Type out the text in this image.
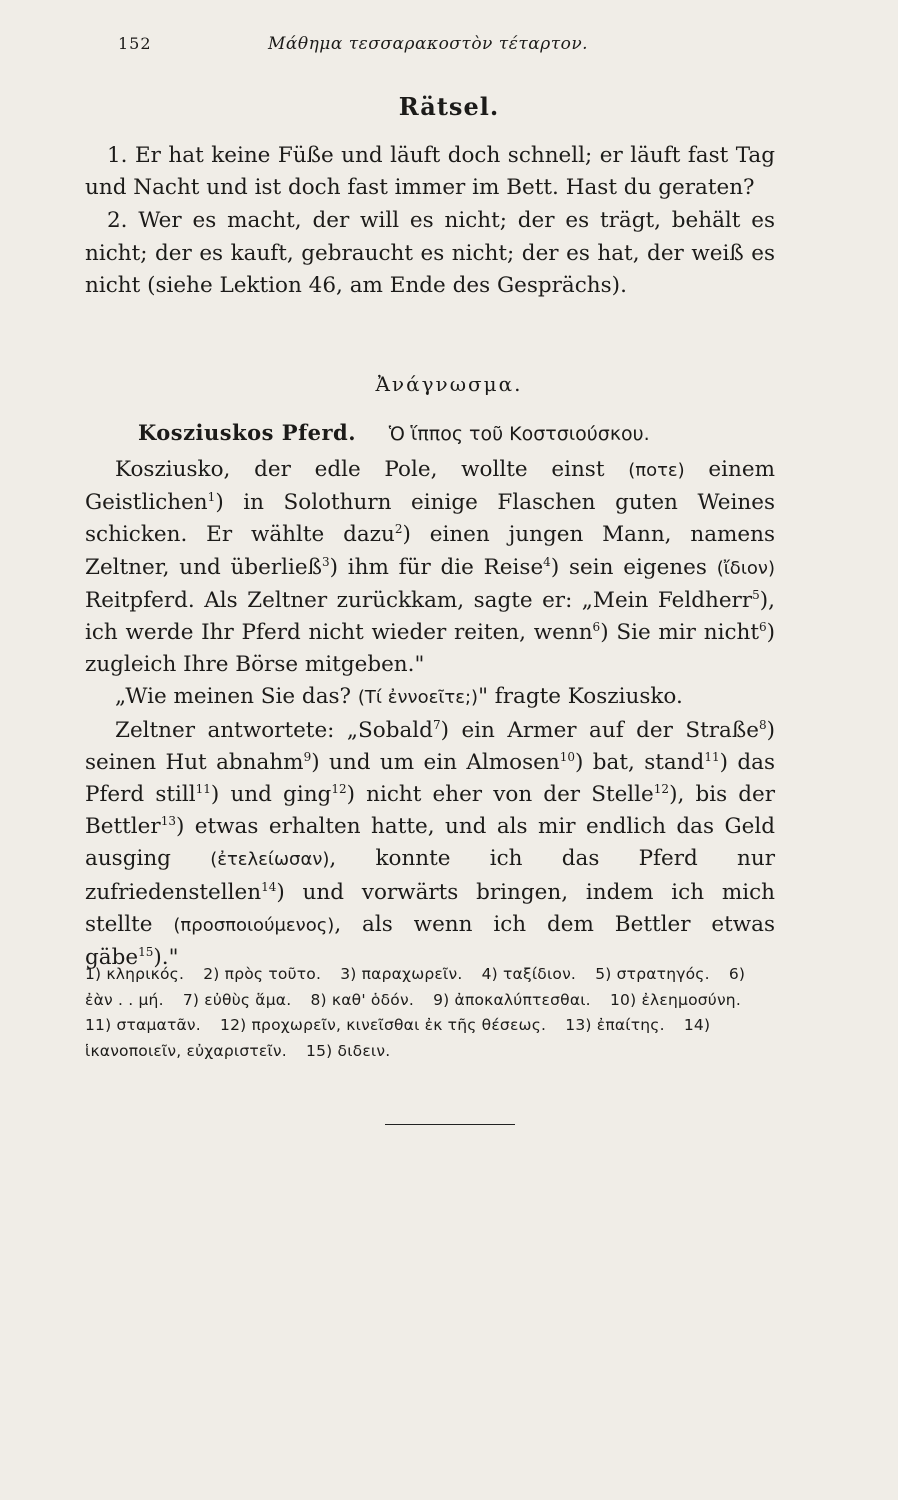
152	Μάθημα τεσσαρακοστὸν τέταρτον.
Rätsel.

1. Er hat keine Füße und läuft doch schnell; er läuft fast Tag und Nacht und ist doch fast immer im Bett. Hast du geraten?

2. Wer es macht, der will es nicht; der es trägt, behält es nicht; der es kauft, gebraucht es nicht; der es hat, der weiß es nicht (siehe Lektion 46, am Ende des Gesprächs).

Ἀνάγνωσμα.
Kosziuskos Pferd. Ὁ ἵππος τοῦ Κοστσιούσκου.

Kosziusko, der edle Pole, wollte einst (ποτε) einem Geistlichen$^1$) in Solothurn einige Flaschen guten Weines schicken. Er wählte dazu$^2$) einen jungen Mann, namens Zeltner, und überließ$^3$) ihm für die Reise$^4$) sein eigenes (ἴδιον) Reitpferd. Als Zeltner zurückkam, sagte er: „Mein Feldherr$^5$), ich werde Ihr Pferd nicht wieder reiten, wenn$^6$) Sie mir nicht$^6$) zugleich Ihre Börse mitgeben."

„Wie meinen Sie das? (Τί ἐννοεῖτε;)" fragte Kosziusko.

Zeltner antwortete: „Sobald$^7$) ein Armer auf der Straße$^8$) seinen Hut abnahm$^9$) und um ein Almosen$^{10}$) bat, stand$^{11}$) das Pferd still$^{11}$) und ging$^{12}$) nicht eher von der Stelle$^{12}$), bis der Bettler$^{13}$) etwas erhalten hatte, und als mir endlich das Geld ausging (ἐτελείωσαν), konnte ich das Pferd nur zufriedenstellen$^{14}$) und vorwärts bringen, indem ich mich stellte (προσποιούμενος), als wenn ich dem Bettler etwas gäbe$^{15}$)."

1) κληρικός. 2) πρὸς τοῦτο. 3) παραχωρεῖν. 4) ταξίδιον. 5) στρατηγός. 6) ἐὰν . . μή. 7) εὐθὺς ἅμα. 8) καθ' ὁδόν. 9) ἀποκαλύπτεσθαι. 10) ἐλεημοσύνη. 11) σταματᾶν. 12) προχωρεῖν, κινεῖσθαι ἐκ τῆς θέσεως. 13) ἐπαίτης. 14) ἱκανοποιεῖν, εὐχαριστεῖν. 15) διδειν.
